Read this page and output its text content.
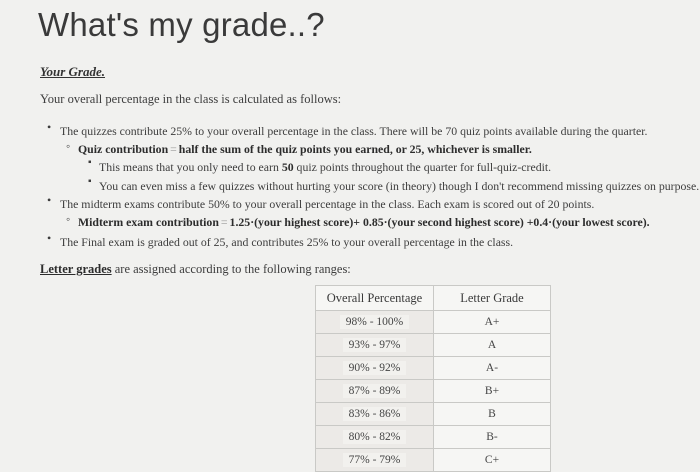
What's my grade..?
Your Grade.
Your overall percentage in the class is calculated as follows:
• The quizzes contribute 25% to your overall percentage in the class. There will be 70 quiz points available during the quarter.
◦ Quiz contribution = half the sum of the quiz points you earned, or 25, whichever is smaller.
▪ This means that you only need to earn 50 quiz points throughout the quarter for full-quiz-credit.
▪ You can even miss a few quizzes without hurting your score (in theory) though I don't recommend missing quizzes on purpose.
• The midterm exams contribute 50% to your overall percentage in the class. Each exam is scored out of 20 points.
◦ Midterm exam contribution = 1.25·(your highest score)+ 0.85·(your second highest score) +0.4·(your lowest score).
• The Final exam is graded out of 25, and contributes 25% to your overall percentage in the class.
Letter grades are assigned according to the following ranges:
Overall Percentage	Letter Grade
98% - 100%	A+
93% - 97%	A
90% - 92%	A-
87% - 89%	B+
83% - 86%	B
80% - 82%	B-
77% - 79%	C+
